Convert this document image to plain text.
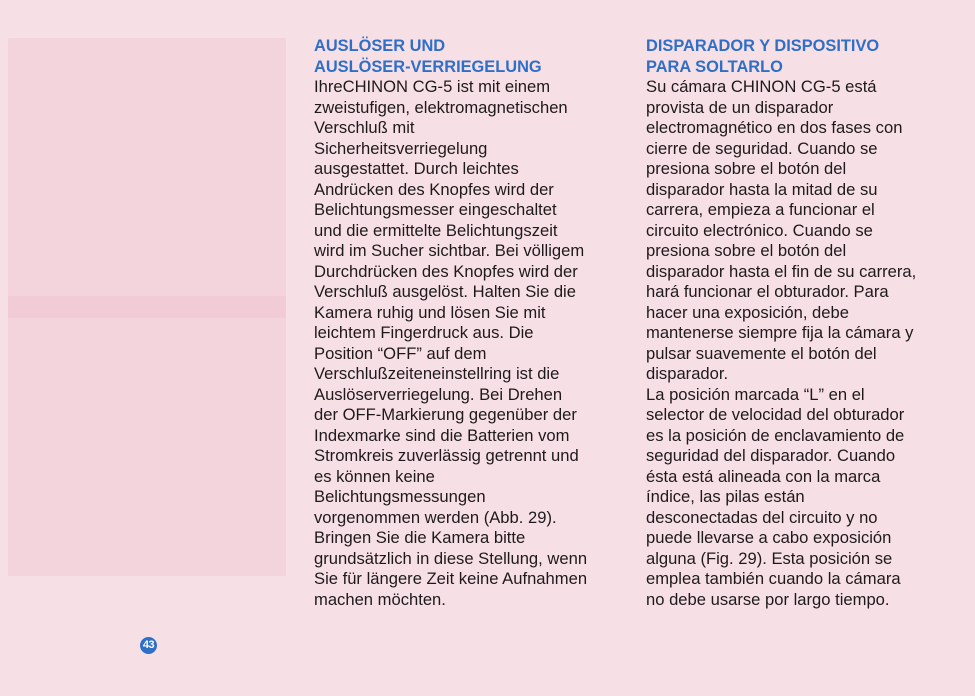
AUSLÖSER UND
AUSLÖSER-VERRIEGELUNG
IhreCHINON CG-5 ist mit einem
zweistufigen, elektromagnetischen
Verschluß mit
Sicherheitsverriegelung
ausgestattet. Durch leichtes
Andrücken des Knopfes wird der
Belichtungsmesser eingeschaltet
und die ermittelte Belichtungszeit
wird im Sucher sichtbar. Bei völligem
Durchdrücken des Knopfes wird der
Verschluß ausgelöst. Halten Sie die
Kamera ruhig und lösen Sie mit
leichtem Fingerdruck aus. Die
Position “OFF” auf dem
Verschlußzeiteneinstellring ist die
Auslöserverriegelung. Bei Drehen
der OFF-Markierung gegenüber der
Indexmarke sind die Batterien vom
Stromkreis zuverlässig getrennt und
es können keine
Belichtungsmessungen
vorgenommen werden (Abb. 29).
Bringen Sie die Kamera bitte
grundsätzlich in diese Stellung, wenn
Sie für längere Zeit keine Aufnahmen
machen möchten.
DISPARADOR Y DISPOSITIVO
PARA SOLTARLO
Su cámara CHINON CG-5 está
provista de un disparador
electromagnético en dos fases con
cierre de seguridad. Cuando se
presiona sobre el botón del
disparador hasta la mitad de su
carrera, empieza a funcionar el
circuito electrónico. Cuando se
presiona sobre el botón del
disparador hasta el fin de su carrera,
hará funcionar el obturador. Para
hacer una exposición, debe
mantenerse siempre fija la cámara y
pulsar suavemente el botón del
disparador.
La posición marcada “L” en el
selector de velocidad del obturador
es la posición de enclavamiento de
seguridad del disparador. Cuando
ésta está alineada con la marca
índice, las pilas están
desconectadas del circuito y no
puede llevarse a cabo exposición
alguna (Fig. 29). Esta posición se
emplea también cuando la cámara
no debe usarse por largo tiempo.
43
